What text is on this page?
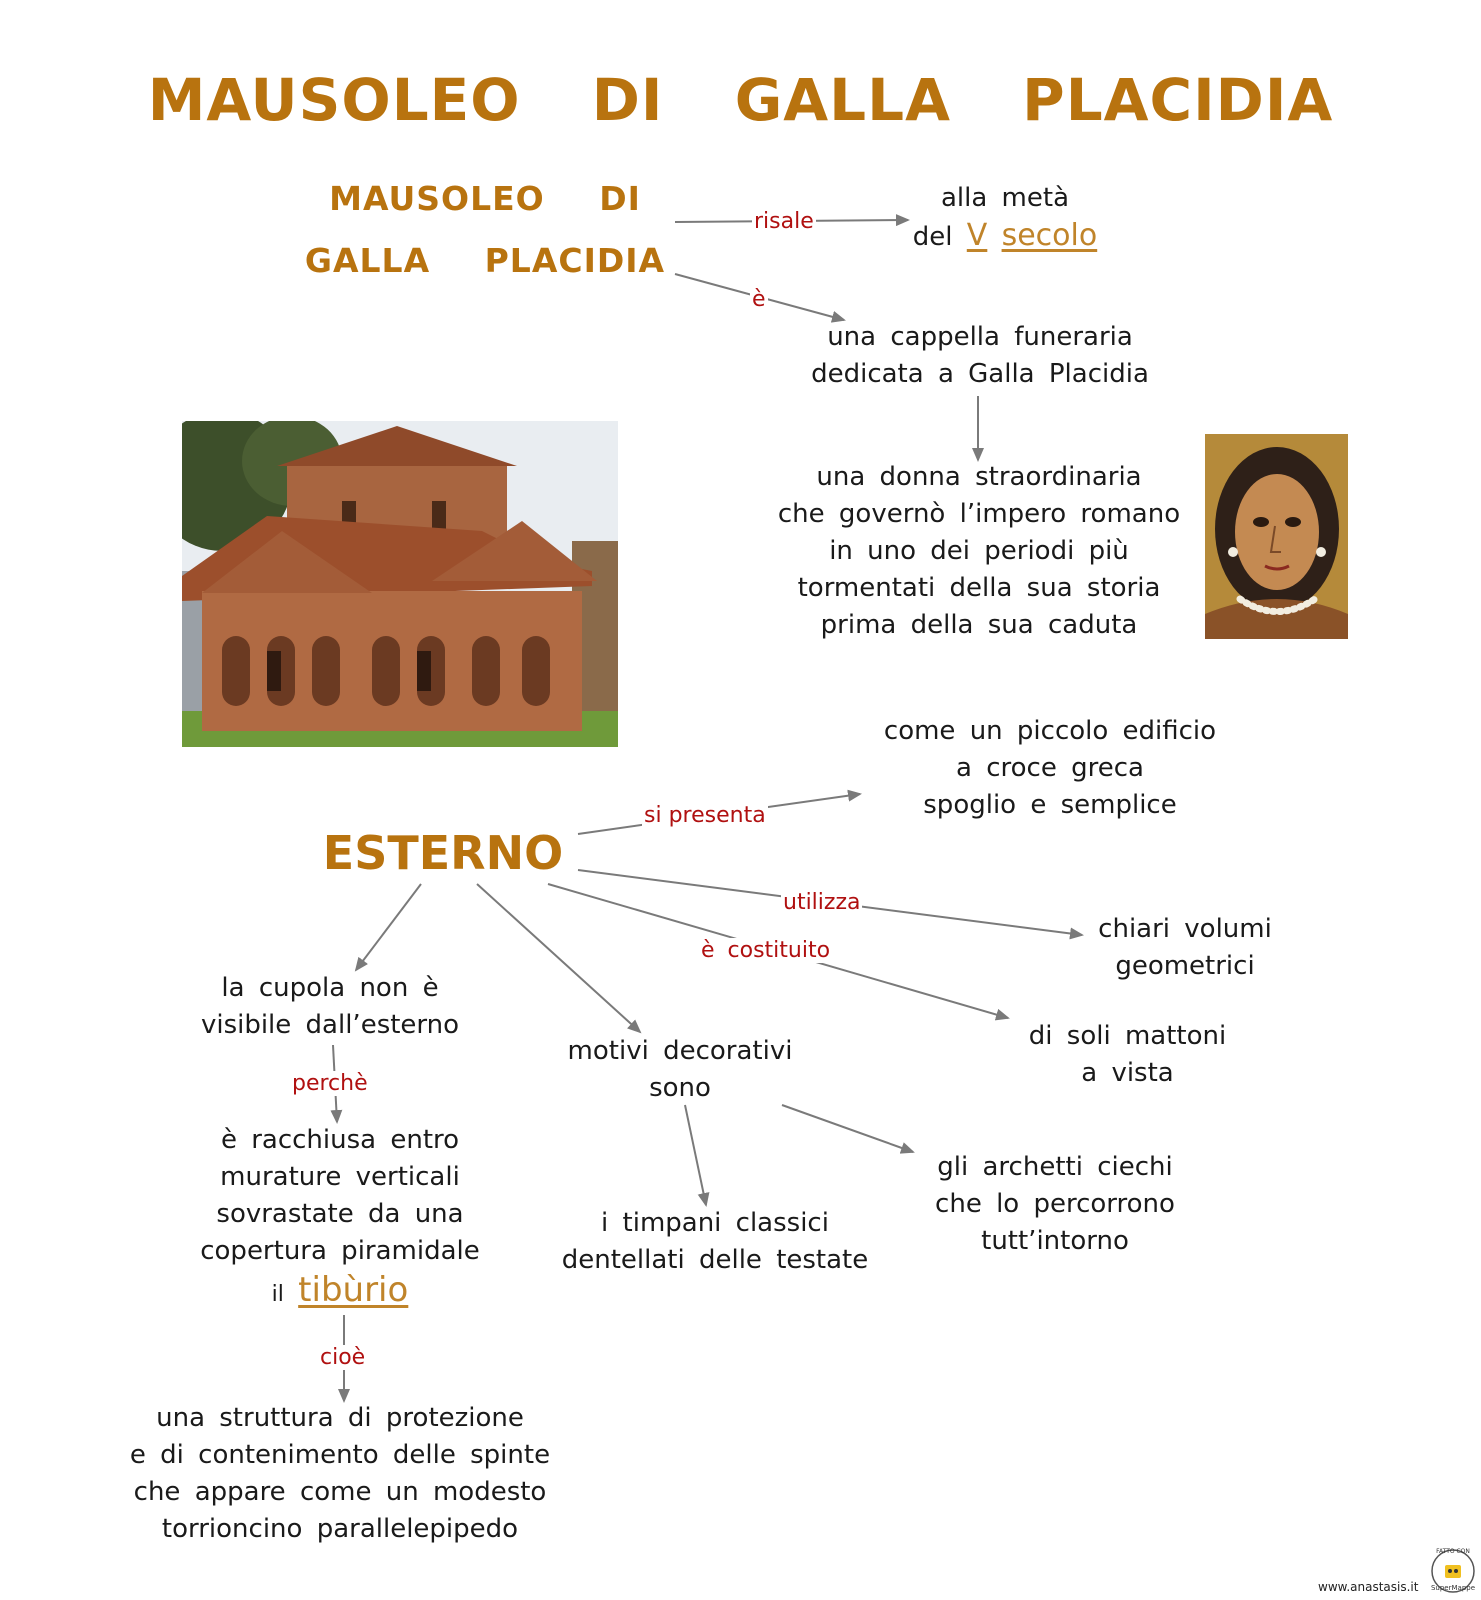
MAUSOLEO DI GALLA PLACIDIA
MAUSOLEO DI
GALLA PLACIDIA
risale
è
alla metà
del V secolo
una cappella funeraria
dedicata a Galla Placidia
una donna straordinaria
che governò l’impero romano
in uno dei periodi più
tormentati della sua storia
prima della sua caduta
ESTERNO
si presenta
utilizza
è costituito
come un piccolo edificio
a croce greca
spoglio e semplice
chiari volumi
geometrici
di soli mattoni
a vista
la cupola non è
visibile dall’esterno
perchè
motivi decorativi
sono
è racchiusa entro
murature verticali
sovrastate da una
copertura piramidale
il tibùrio
i timpani classici
dentellati delle testate
gli archetti ciechi
che lo percorrono
tutt’intorno
cioè
una struttura di protezione
e di contenimento delle spinte
che appare come un modesto
torrioncino parallelepipedo
www.anastasis.it
FATTO CON
SuperMappe
